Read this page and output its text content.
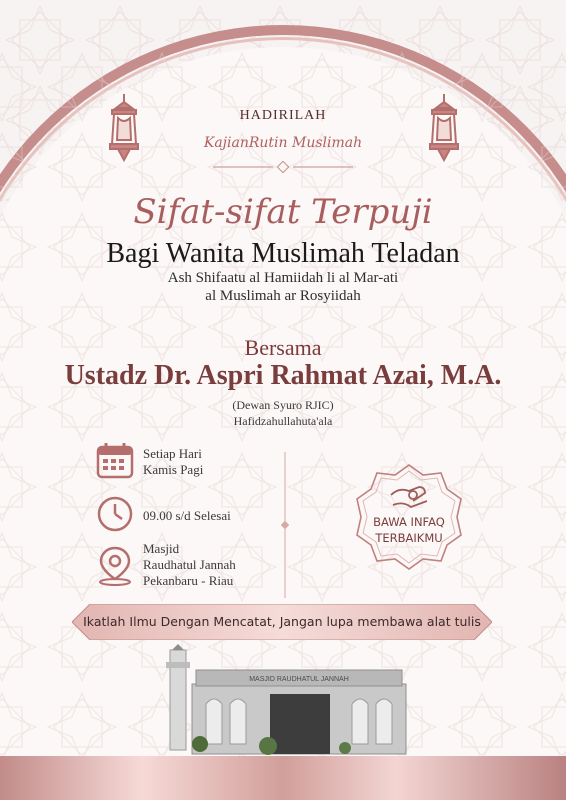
HADIRILAH
KajianRutin Muslimah
Sifat-sifat Terpuji
Bagi Wanita Muslimah Teladan
Ash Shifaatu al Hamiidah li al Mar-ati
al Muslimah ar Rosyiidah
Bersama
Ustadz Dr. Aspri Rahmat Azai, M.A.
(Dewan Syuro RJIC)
Hafidzahullahuta'ala
Setiap Hari
Kamis Pagi
09.00 s/d Selesai
Masjid
Raudhatul Jannah
Pekanbaru - Riau
BAWA INFAQ
TERBAIKMU
Ikatlah Ilmu Dengan Mencatat, Jangan lupa membawa alat tulis
MASJID RAUDHATUL JANNAH
